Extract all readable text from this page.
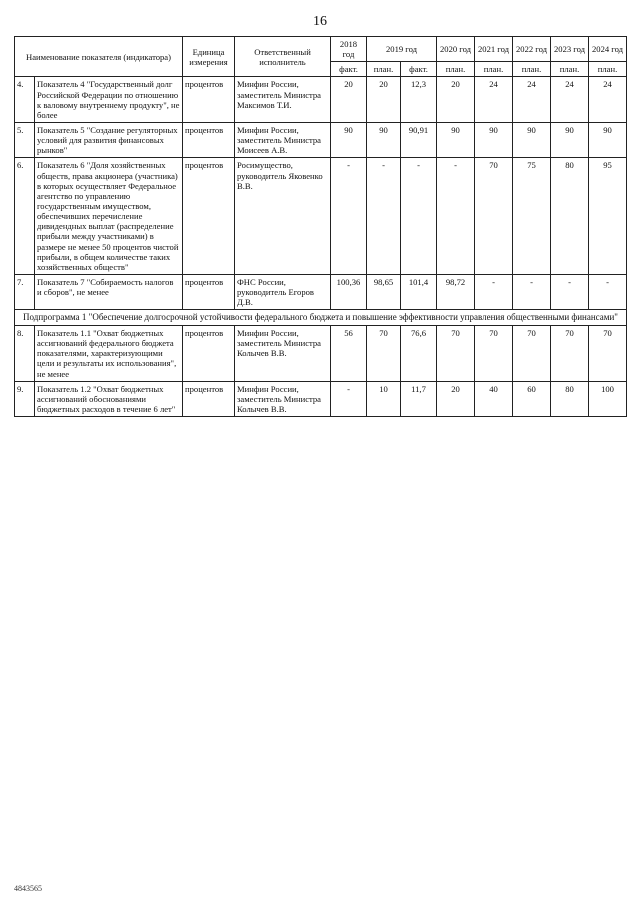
16
Наименование показателя (индикатора)		Единица измерения	Ответственный исполнитель	2018 год	2019 год		2020 год	2021 год	2022 год	2023 год	2024 год
				факт.	план.	факт.	план.	план.	план.	план.	план.
4.	Показатель 4 "Государственный долг Российской Федерации по отношению к валовому внутреннему продукту", не более	процентов	Минфин России, заместитель Министра Максимов Т.И.	20	20	12,3	20	24	24	24	24
5.	Показатель 5 "Создание регуляторных условий для развития финансовых рынков"	процентов	Минфин России, заместитель Министра Моисеев А.В.	90	90	90,91	90	90	90	90	90
6.	Показатель 6 "Доля хозяйственных обществ, права акционера (участника) в которых осуществляет Федеральное агентство по управлению государственным имуществом, обеспечивших перечисление дивидендных выплат (распределение прибыли между участниками) в размере не менее 50 процентов чистой прибыли, в общем количестве таких хозяйственных обществ"	процентов	Росимущество, руководитель Яковенко В.В.	-	-	-	-	70	75	80	95
7.	Показатель 7 "Собираемость налогов и сборов", не менее	процентов	ФНС России, руководитель Егоров Д.В.	100,36	98,65	101,4	98,72	-	-	-	-
Подпрограмма 1 "Обеспечение долгосрочной устойчивости федерального бюджета и повышение эффективности управления общественными финансами"											
8.	Показатель 1.1 "Охват бюджетных ассигнований федерального бюджета показателями, характеризующими цели и результаты их использования", не менее	процентов	Минфин России, заместитель Министра Колычев В.В.	56	70	76,6	70	70	70	70	70
9.	Показатель 1.2 "Охват бюджетных ассигнований обоснованиями бюджетных расходов в течение 6 лет"	процентов	Минфин России, заместитель Министра Колычев В.В.	-	10	11,7	20	40	60	80	100
4843565
